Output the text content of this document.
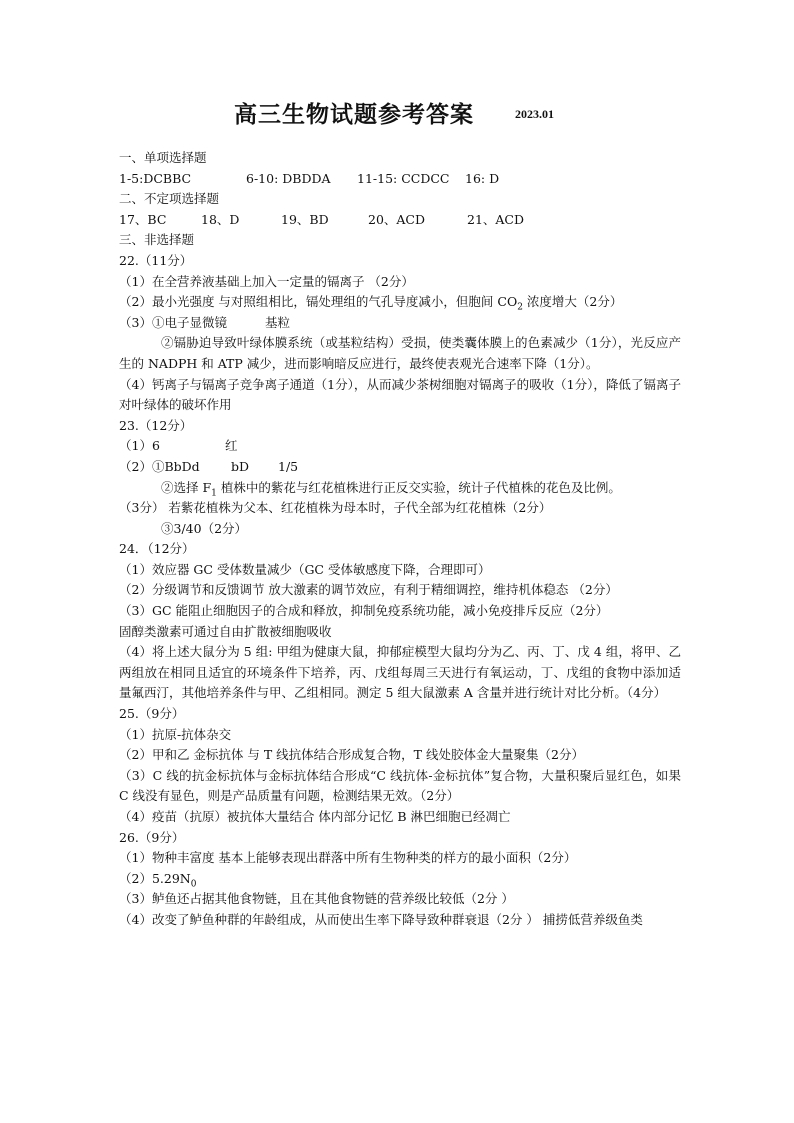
高三生物试题参考答案	2023.01
一、单项选择题
1-5:DCBBC	6-10: DBDDA 11-15: CCDCC 16: D
二、不定项选择题
17、BC	18、D	19、BD	20、ACD	21、ACD
三、非选择题
22.（11分）
（1）在全营养液基础上加入一定量的镉离子 （2分）
（2）最小光强度 与对照组相比，镉处理组的气孔导度减小，但胞间 $CO_2$ 浓度增大（2分）
（3）①电子显微镜	基粒
②镉胁迫导致叶绿体膜系统（或基粒结构）受损，使类囊体膜上的色素减少（1分），光反应产生的 NADPH 和 ATP 减少，进而影响暗反应进行，最终使表观光合速率下降（1分）。
（4）钙离子与镉离子竞争离子通道（1分），从而减少茶树细胞对镉离子的吸收（1分），降低了镉离子对叶绿体的破坏作用
23.（12分）
（1）6	红
（2）①BbDd	bD 1/5
②选择 $F_1$ 植株中的紫花与红花植株进行正反交实验，统计子代植株的花色及比例。
（3分） 若紫花植株为父本、红花植株为母本时，子代全部为红花植株（2分）
③3/40（2分）
24．（12分）
（1）效应器 GC 受体数量减少（GC 受体敏感度下降，合理即可）
（2）分级调节和反馈调节 放大激素的调节效应，有利于精细调控，维持机体稳态 （2分）
（3）GC 能阻止细胞因子的合成和释放，抑制免疫系统功能，减小免疫排斥反应（2分）
固醇类激素可通过自由扩散被细胞吸收
（4）将上述大鼠分为 5 组: 甲组为健康大鼠，抑郁症模型大鼠均分为乙、丙、丁、戊 4 组，将甲、乙两组放在相同且适宜的环境条件下培养，丙、戊组每周三天进行有氧运动，丁、戊组的食物中添加适量氟西汀，其他培养条件与甲、乙组相同。测定 5 组大鼠激素 A 含量并进行统计对比分析。（4分）
25.（9分）
（1）抗原-抗体杂交
（2）甲和乙 金标抗体 与 T 线抗体结合形成复合物，T 线处胶体金大量聚集（2分）
（3）C 线的抗金标抗体与金标抗体结合形成“C 线抗体-金标抗体”复合物，大量积聚后显红色，如果 C 线没有显色，则是产品质量有问题，检测结果无效。（2分）
（4）疫苗（抗原）被抗体大量结合 体内部分记忆 B 淋巴细胞已经凋亡
26.（9分）
（1）物种丰富度 基本上能够表现出群落中所有生物种类的样方的最小面积（2分）
$(2)5.29N_0$
（3）鲈鱼还占据其他食物链，且在其他食物链的营养级比较低（2分 ）
（4）改变了鲈鱼种群的年龄组成，从而使出生率下降导致种群衰退（2分 ） 捕捞低营养级鱼类
